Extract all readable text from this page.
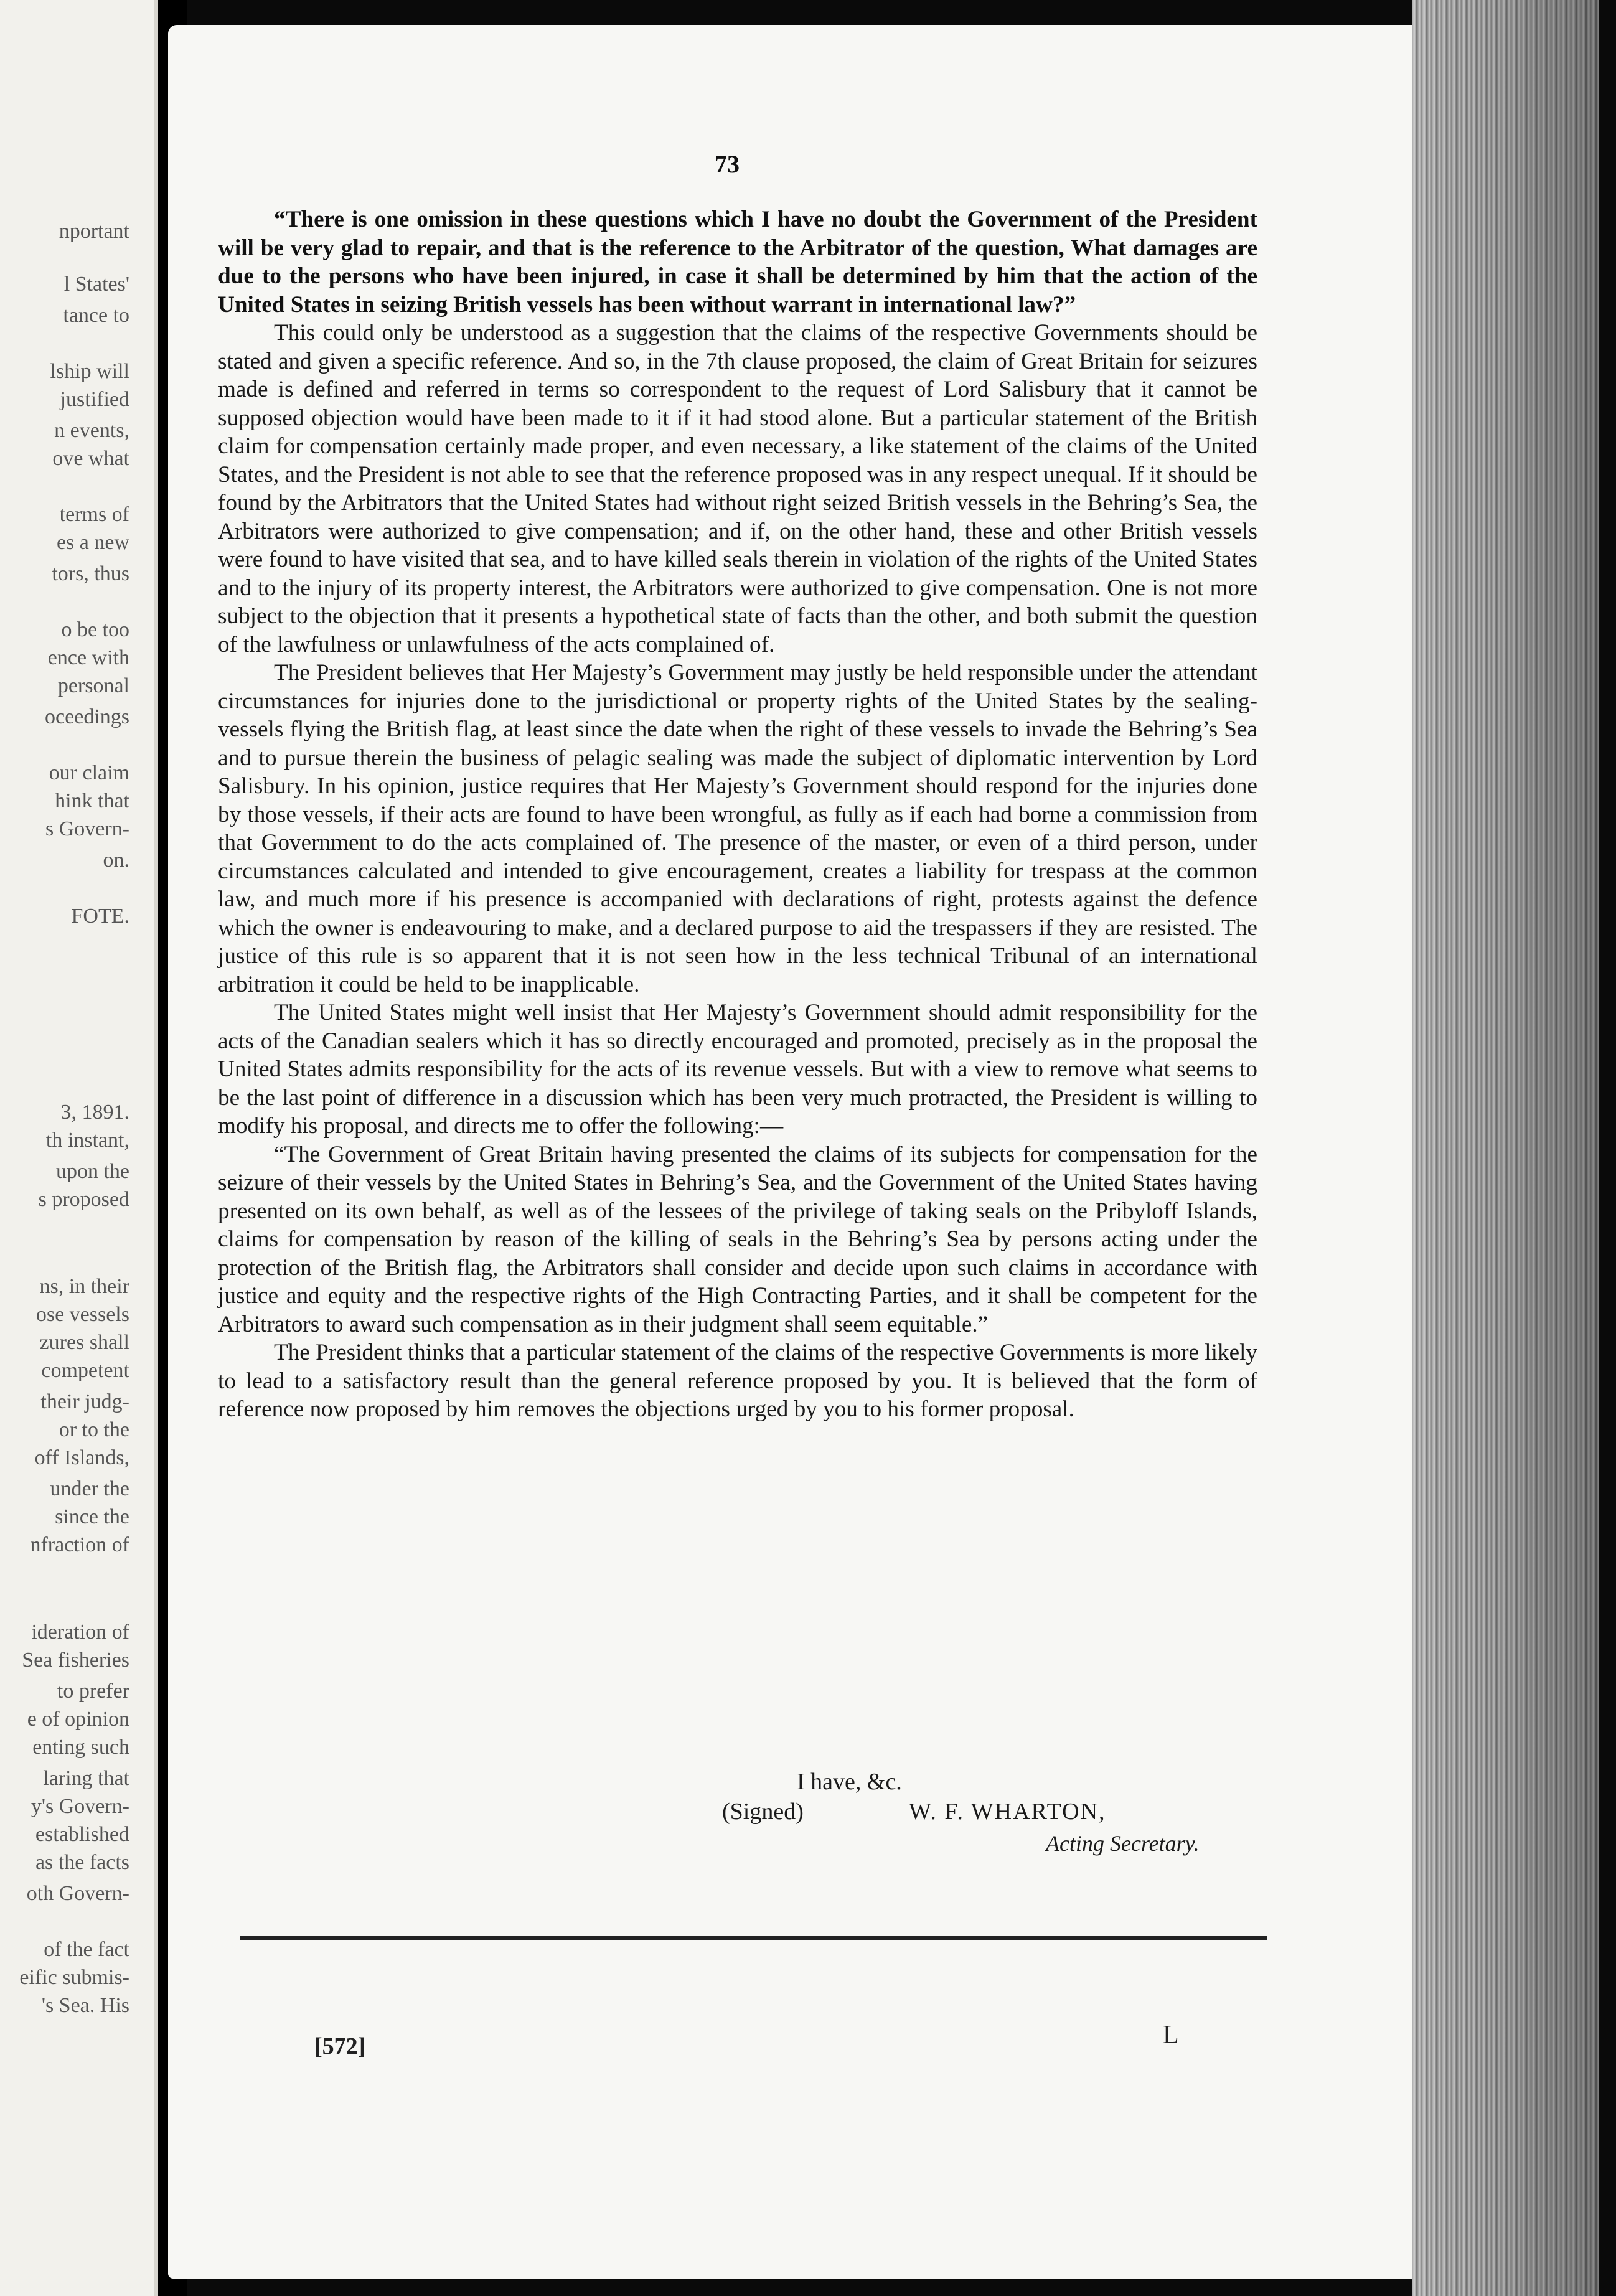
nportant
l States'
tance to
lship will
justified
n events,
ove what
terms of
es a new
tors, thus
o be too
ence with
personal
oceedings
our claim
hink that
s Govern-
on.
FOTE.
3, 1891.
th instant,
upon the
s proposed
ns, in their
ose vessels
zures shall
competent
their judg-
or to the
off Islands,
under the
since the
nfraction of
ideration of
Sea fisheries
to prefer
e of opinion
enting such
laring that
y's Govern-
established
as the facts
oth Govern-
of the fact
eific submis-
's Sea. His
73

“There is one omission in these questions which I have no doubt the Government of the President will be very glad to repair, and that is the reference to the Arbitrator of the question, What damages are due to the persons who have been injured, in case it shall be determined by him that the action of the United States in seizing British vessels has been without warrant in international law?”

This could only be understood as a suggestion that the claims of the respective Governments should be stated and given a specific reference. And so, in the 7th clause proposed, the claim of Great Britain for seizures made is defined and referred in terms so correspondent to the request of Lord Salisbury that it cannot be supposed objection would have been made to it if it had stood alone. But a particular statement of the British claim for compensation certainly made proper, and even necessary, a like statement of the claims of the United States, and the President is not able to see that the reference proposed was in any respect unequal. If it should be found by the Arbitrators that the United States had without right seized British vessels in the Behring’s Sea, the Arbitrators were authorized to give compensation; and if, on the other hand, these and other British vessels were found to have visited that sea, and to have killed seals therein in violation of the rights of the United States and to the injury of its property interest, the Arbitrators were authorized to give compensation. One is not more subject to the objection that it presents a hypothetical state of facts than the other, and both submit the question of the lawfulness or unlawfulness of the acts complained of.

The President believes that Her Majesty’s Government may justly be held responsible under the attendant circumstances for injuries done to the jurisdictional or property rights of the United States by the sealing-vessels flying the British flag, at least since the date when the right of these vessels to invade the Behring’s Sea and to pursue therein the business of pelagic sealing was made the subject of diplomatic intervention by Lord Salisbury. In his opinion, justice requires that Her Majesty’s Government should respond for the injuries done by those vessels, if their acts are found to have been wrongful, as fully as if each had borne a commission from that Government to do the acts complained of. The presence of the master, or even of a third person, under circumstances calculated and intended to give encouragement, creates a liability for trespass at the common law, and much more if his presence is accompanied with declarations of right, protests against the defence which the owner is endeavouring to make, and a declared purpose to aid the trespassers if they are resisted. The justice of this rule is so apparent that it is not seen how in the less technical Tribunal of an international arbitration it could be held to be inapplicable.

The United States might well insist that Her Majesty’s Government should admit responsibility for the acts of the Canadian sealers which it has so directly encouraged and promoted, precisely as in the proposal the United States admits responsibility for the acts of its revenue vessels. But with a view to remove what seems to be the last point of difference in a discussion which has been very much protracted, the President is willing to modify his proposal, and directs me to offer the following:—

“The Government of Great Britain having presented the claims of its subjects for compensation for the seizure of their vessels by the United States in Behring’s Sea, and the Government of the United States having presented on its own behalf, as well as of the lessees of the privilege of taking seals on the Pribyloff Islands, claims for compensation by reason of the killing of seals in the Behring’s Sea by persons acting under the protection of the British flag, the Arbitrators shall consider and decide upon such claims in accordance with justice and equity and the respective rights of the High Contracting Parties, and it shall be competent for the Arbitrators to award such compensation as in their judgment shall seem equitable.”

The President thinks that a particular statement of the claims of the respective Governments is more likely to lead to a satisfactory result than the general reference proposed by you. It is believed that the form of reference now proposed by him removes the objections urged by you to his former proposal.

I have, &c.
(Signed)	W. F. WHARTON,
Acting Secretary.
[572]	L
